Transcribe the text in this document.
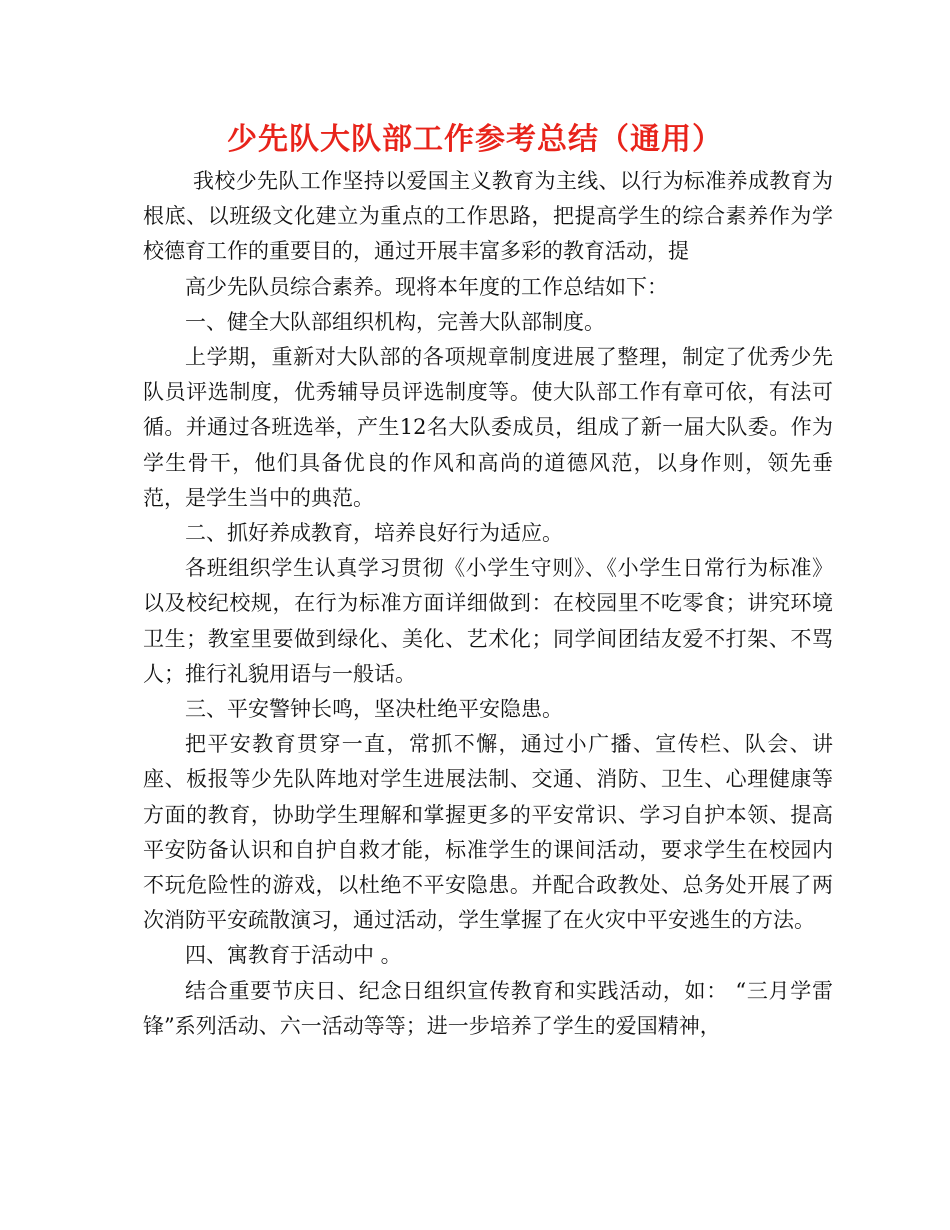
少先队大队部工作参考总结（通用）

我校少先队工作坚持以爱国主义教育为主线、以行为标准养成教育为根底、以班级文化建立为重点的工作思路，把提高学生的综合素养作为学校德育工作的重要目的，通过开展丰富多彩的教育活动，提

高少先队员综合素养。现将本年度的工作总结如下：

一、健全大队部组织机构，完善大队部制度。

上学期，重新对大队部的各项规章制度进展了整理，制定了优秀少先队员评选制度，优秀辅导员评选制度等。使大队部工作有章可依，有法可循。并通过各班选举，产生12名大队委成员，组成了新一届大队委。作为学生骨干，他们具备优良的作风和高尚的道德风范，以身作则，领先垂范，是学生当中的典范。

二、抓好养成教育，培养良好行为适应。

各班组织学生认真学习贯彻《小学生守则》、《小学生日常行为标准》以及校纪校规，在行为标准方面详细做到：在校园里不吃零食；讲究环境卫生；教室里要做到绿化、美化、艺术化；同学间团结友爱不打架、不骂人；推行礼貌用语与一般话。

三、平安警钟长鸣，坚决杜绝平安隐患。

把平安教育贯穿一直，常抓不懈，通过小广播、宣传栏、队会、讲座、板报等少先队阵地对学生进展法制、交通、消防、卫生、心理健康等方面的教育，协助学生理解和掌握更多的平安常识、学习自护本领、提高平安防备认识和自护自救才能，标准学生的课间活动，要求学生在校园内不玩危险性的游戏，以杜绝不平安隐患。并配合政教处、总务处开展了两次消防平安疏散演习，通过活动，学生掌握了在火灾中平安逃生的方法。

四、寓教育于活动中 。

结合重要节庆日、纪念日组织宣传教育和实践活动，如： “三月学雷锋”系列活动、六一活动等等；进一步培养了学生的爱国精神，
